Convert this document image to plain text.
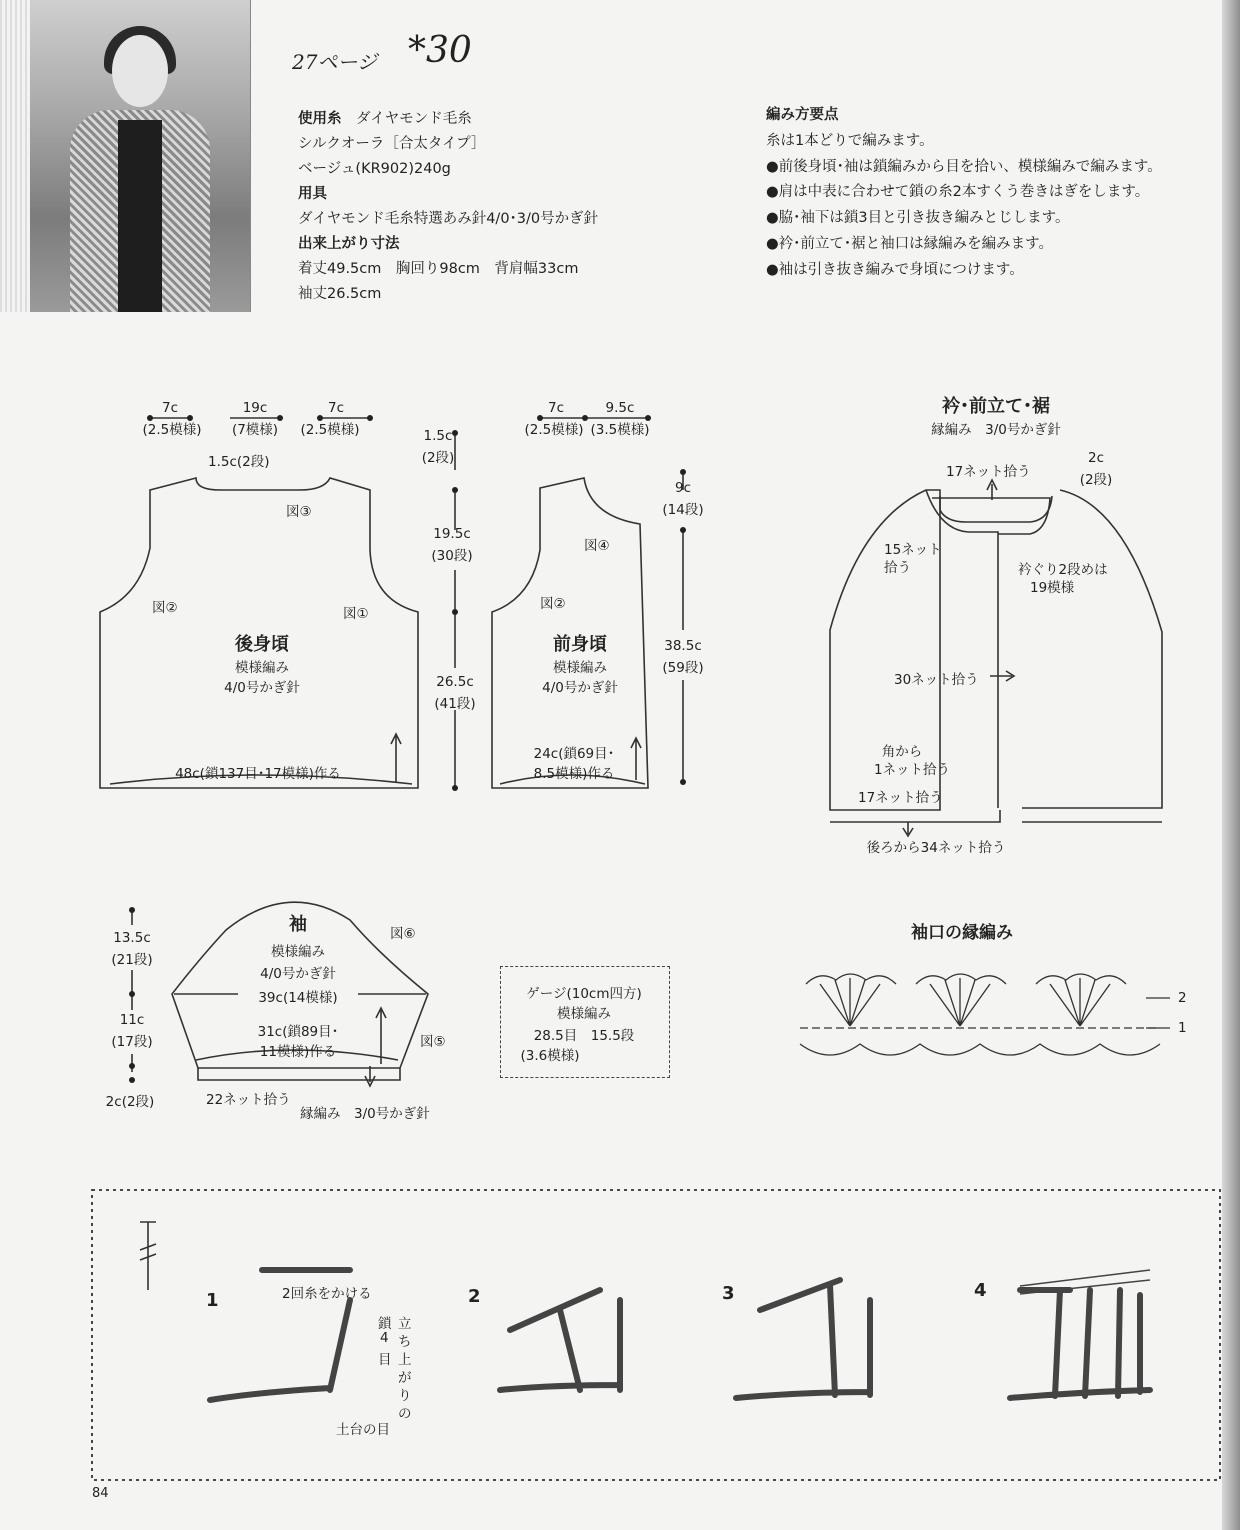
27ページ *30
使用糸　 ダイヤモンド毛糸
シルクオーラ［合太タイプ］
ベージュ(KR902)240g
用具
ダイヤモンド毛糸特選あみ針4/0･3/0号かぎ針
出来上がり寸法
着丈49.5cm　胸回り98cm　背肩幅33cm
袖丈26.5cm
編み方要点
糸は1本どりで編みます。
●前後身頃･袖は鎖編みから目を拾い、模様編みで編みます。
●肩は中表に合わせて鎖の糸2本すくう巻きはぎをします。
●脇･袖下は鎖3目と引き抜き編みとじします。
●衿･前立て･裾と袖口は縁編みを編みます。
●袖は引き抜き編みで身頃につけます。
7c
(2.5模様)
19c
(7模様)
7c
(2.5模様)
1.5c(2段)
図③
図②	図①
後身頃
模様編み
4/0号かぎ針
48c(鎖137目･17模様)作る
1.5c
(2段)
19.5c
(30段)
26.5c
(41段)
7c
(2.5模様)
9.5c
(3.5模様)
図④
図②
前身頃
模様編み
4/0号かぎ針
24c(鎖69目･
8.5模様)作る
9c
(14段)
38.5c
(59段)
衿･前立て･裾
縁編み　3/0号かぎ針
17ネット拾う
2c
(2段)
15ネット
拾う	衿ぐり2段めは
19模様
30ネット拾う
角から
1ネット拾う
17ネット拾う
後ろから34ネット拾う
袖
模様編み
4/0号かぎ針
39c(14模様)
31c(鎖89目･
11模様)作る
図⑥
図⑤
13.5c
(21段)
11c
(17段)
2c(2段)	22ネット拾う
縁編み　3/0号かぎ針
ゲージ(10cm四方)
模様編み
28.5目　15.5段
(3.6模様)
袖口の縁編み
2
1
1	2	3	4
2回糸をかける
鎖
4
目
立
ち
上
が
り
の
土台の目
84
